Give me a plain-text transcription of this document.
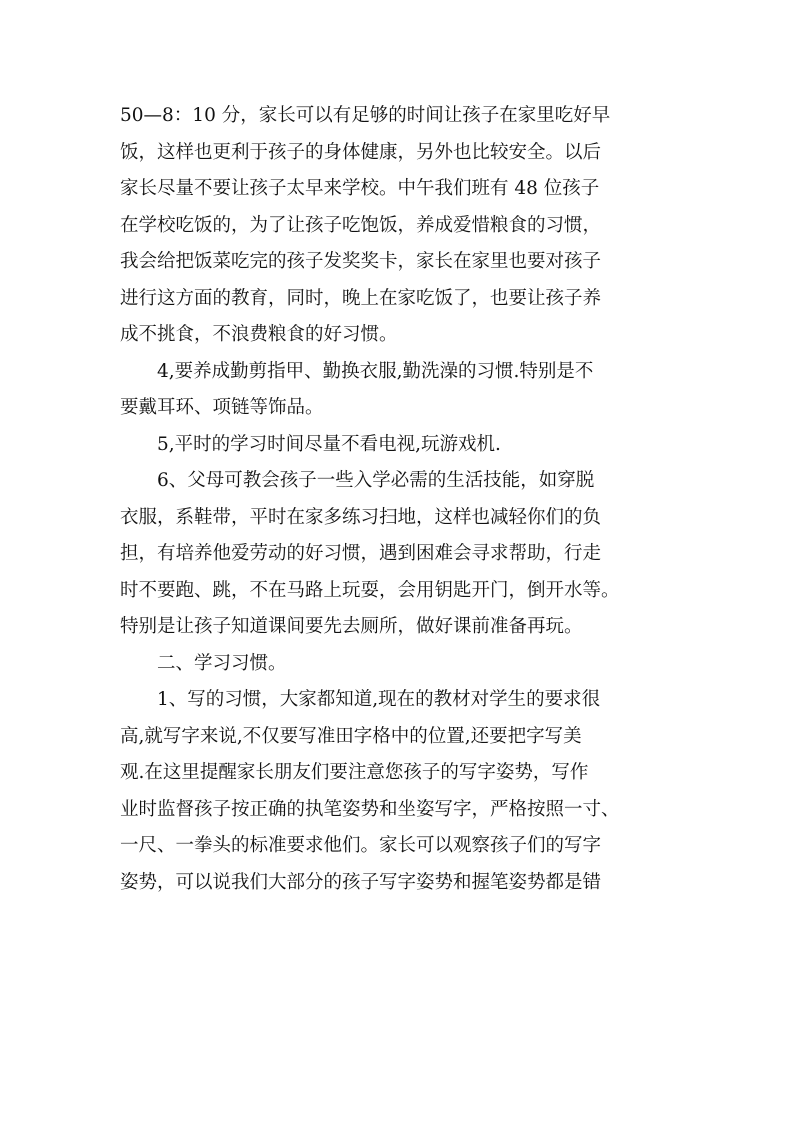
50—8：10 分，家长可以有足够的时间让孩子在家里吃好早
饭，这样也更利于孩子的身体健康，另外也比较安全。以后
家长尽量不要让孩子太早来学校。中午我们班有 48 位孩子
在学校吃饭的，为了让孩子吃饱饭，养成爱惜粮食的习惯，
我会给把饭菜吃完的孩子发奖奖卡，家长在家里也要对孩子
进行这方面的教育，同时，晚上在家吃饭了，也要让孩子养
成不挑食，不浪费粮食的好习惯。
4,要养成勤剪指甲、勤换衣服,勤洗澡的习惯.特别是不
要戴耳环、项链等饰品。
5,平时的学习时间尽量不看电视,玩游戏机.
6、父母可教会孩子一些入学必需的生活技能，如穿脱
衣服，系鞋带，平时在家多练习扫地，这样也减轻你们的负
担，有培养他爱劳动的好习惯，遇到困难会寻求帮助，行走
时不要跑、跳，不在马路上玩耍，会用钥匙开门，倒开水等。
特别是让孩子知道课间要先去厕所，做好课前准备再玩。
二、学习习惯。
1、写的习惯，大家都知道,现在的教材对学生的要求很
高,就写字来说,不仅要写准田字格中的位置,还要把字写美
观.在这里提醒家长朋友们要注意您孩子的写字姿势，写作
业时监督孩子按正确的执笔姿势和坐姿写字，严格按照一寸、
一尺、一拳头的标准要求他们。家长可以观察孩子们的写字
姿势，可以说我们大部分的孩子写字姿势和握笔姿势都是错
